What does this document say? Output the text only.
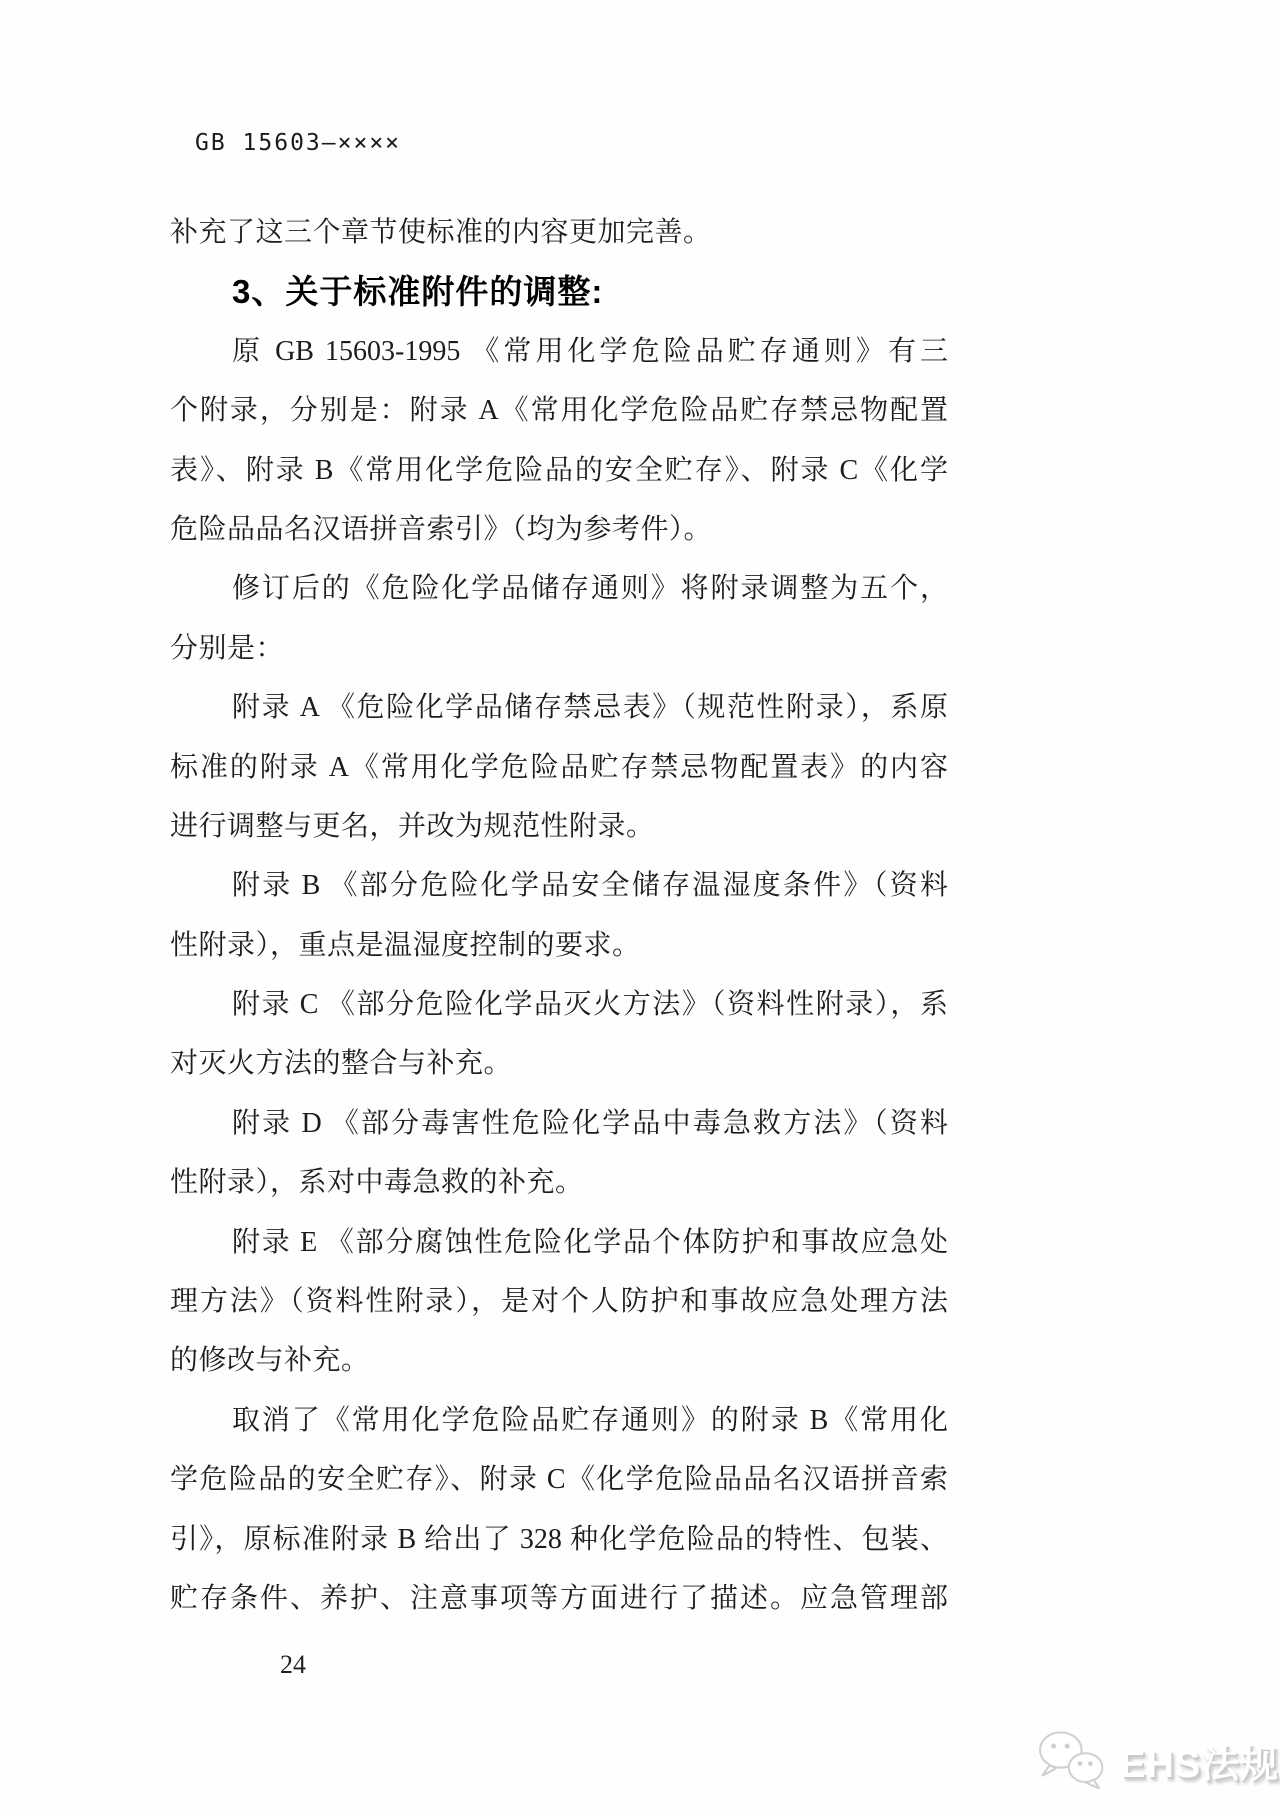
GB 15603—××××
补充了这三个章节使标准的内容更加完善。
3、关于标准附件的调整:
原 GB 15603-1995 《常用化学危险品贮存通则》有三
个附录，分别是：附录 A《常用化学危险品贮存禁忌物配置
表》、附录 B《常用化学危险品的安全贮存》、附录 C《化学
危险品品名汉语拼音索引》（均为参考件）。
修订后的《危险化学品储存通则》将附录调整为五个，
分别是：
附录 A 《危险化学品储存禁忌表》（规范性附录），系原
标准的附录 A《常用化学危险品贮存禁忌物配置表》的内容
进行调整与更名，并改为规范性附录。
附录 B 《部分危险化学品安全储存温湿度条件》（资料
性附录），重点是温湿度控制的要求。
附录 C 《部分危险化学品灭火方法》（资料性附录），系
对灭火方法的整合与补充。
附录 D 《部分毒害性危险化学品中毒急救方法》（资料
性附录），系对中毒急救的补充。
附录 E 《部分腐蚀性危险化学品个体防护和事故应急处
理方法》（资料性附录），是对个人防护和事故应急处理方法
的修改与补充。
取消了《常用化学危险品贮存通则》的附录 B《常用化
学危险品的安全贮存》、附录 C《化学危险品品名汉语拼音索
引》，原标准附录 B 给出了 328 种化学危险品的特性、包装、
贮存条件、养护、注意事项等方面进行了描述。应急管理部
24
EHS法规
